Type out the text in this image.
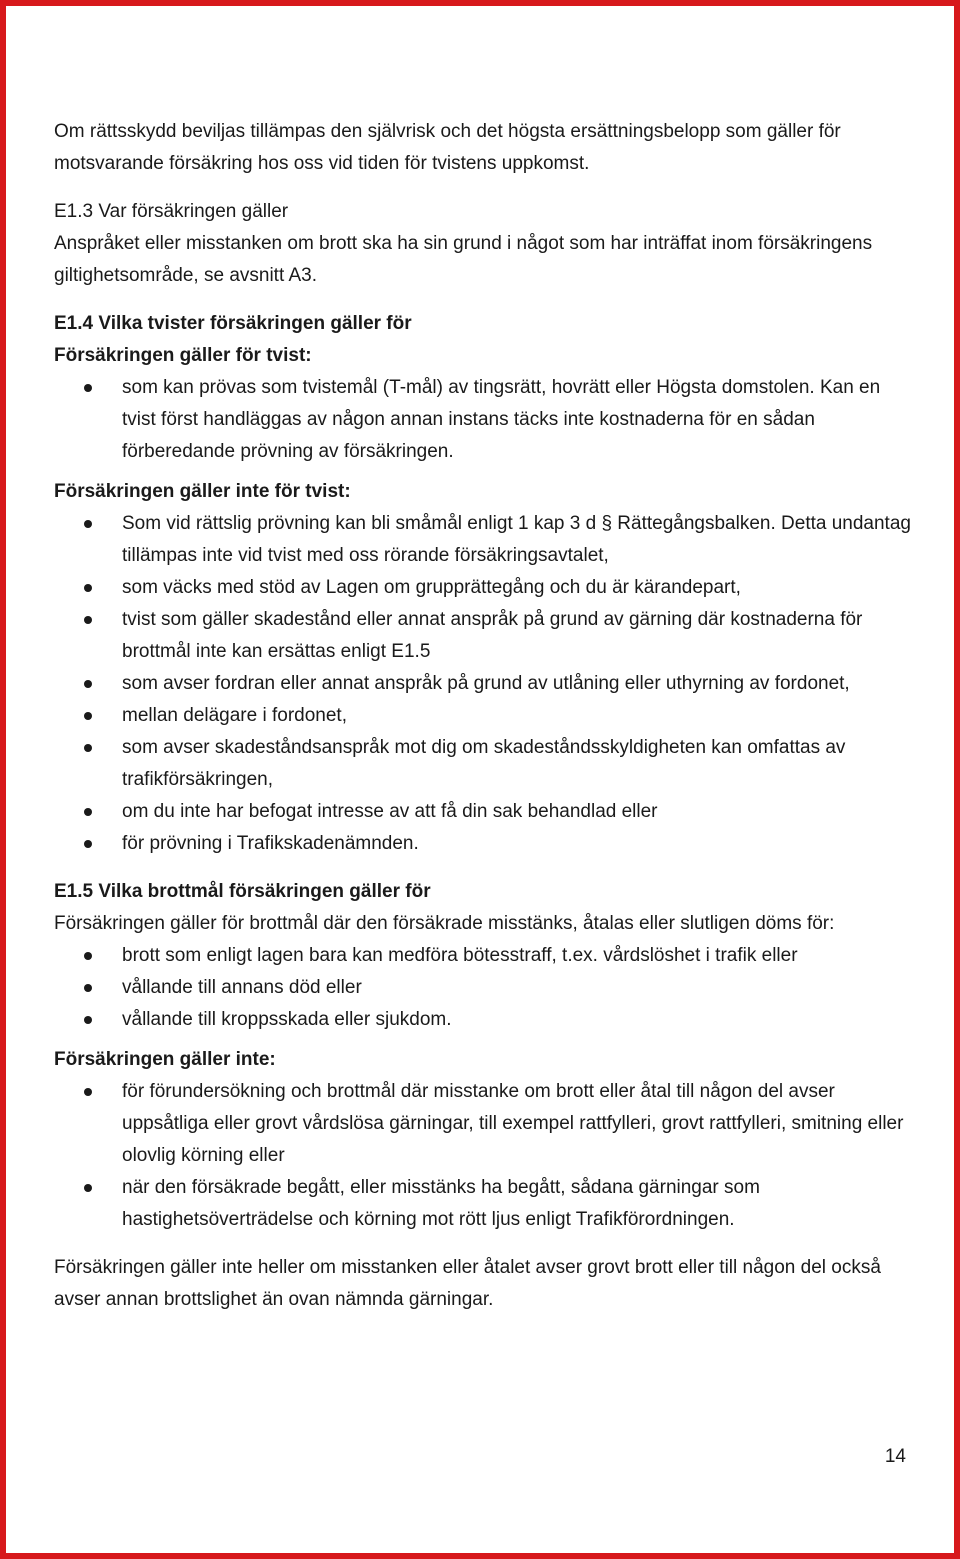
Om rättsskydd beviljas tillämpas den självrisk och det högsta ersättningsbelopp som gäller för motsvarande försäkring hos oss vid tiden för tvistens uppkomst.

E1.3 Var försäkringen gäller

Anspråket eller misstanken om brott ska ha sin grund i något som har inträffat inom försäkringens giltighetsområde, se avsnitt A3.

E1.4 Vilka tvister försäkringen gäller för

Försäkringen gäller för tvist:

som kan prövas som tvistemål (T-mål) av tingsrätt, hovrätt eller Högsta domstolen. Kan en tvist först handläggas av någon annan instans täcks inte kostnaderna för en sådan förberedande prövning av försäkringen.

Försäkringen gäller inte för tvist:

Som vid rättslig prövning kan bli småmål enligt 1 kap 3 d § Rättegångsbalken. Detta undantag tillämpas inte vid tvist med oss rörande försäkringsavtalet,
som väcks med stöd av Lagen om grupprättegång och du är kärandepart,
tvist som gäller skadestånd eller annat anspråk på grund av gärning där kostnaderna för brottmål inte kan ersättas enligt E1.5
som avser fordran eller annat anspråk på grund av utlåning eller uthyrning av fordonet,
mellan delägare i fordonet,
som avser skadeståndsanspråk mot dig om skadeståndsskyldigheten kan omfattas av trafikförsäkringen,
om du inte har befogat intresse av att få din sak behandlad eller
för prövning i Trafikskadenämnden.

E1.5 Vilka brottmål försäkringen gäller för

Försäkringen gäller för brottmål där den försäkrade misstänks, åtalas eller slutligen döms för:

brott som enligt lagen bara kan medföra bötesstraff, t.ex. vårdslöshet i trafik eller
vållande till annans död eller
vållande till kroppsskada eller sjukdom.

Försäkringen gäller inte:

för förundersökning och brottmål där misstanke om brott eller åtal till någon del avser uppsåtliga eller grovt vårdslösa gärningar, till exempel rattfylleri, grovt rattfylleri, smitning eller olovlig körning eller
när den försäkrade begått, eller misstänks ha begått, sådana gärningar som hastighetsöverträdelse och körning mot rött ljus enligt Trafikförordningen.

Försäkringen gäller inte heller om misstanken eller åtalet avser grovt brott eller till någon del också avser annan brottslighet än ovan nämnda gärningar.

14
